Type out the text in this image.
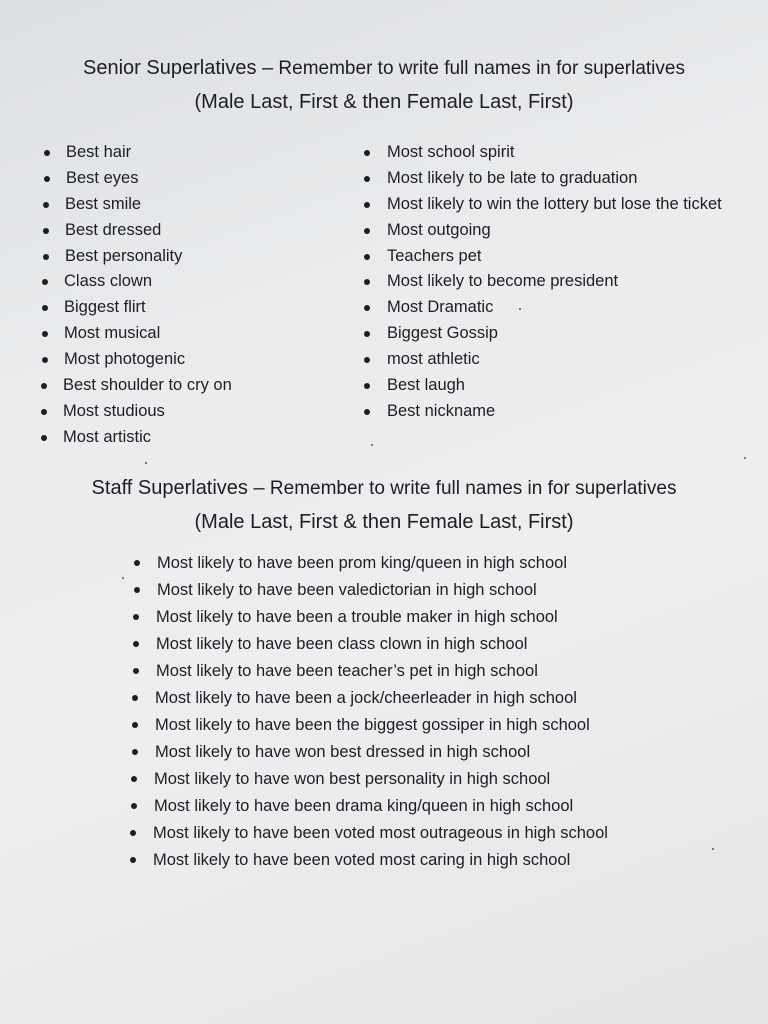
Senior Superlatives – Remember to write full names in for superlatives
(Male Last, First & then Female Last, First)
Best hair
Best eyes
Best smile
Best dressed
Best personality
Class clown
Biggest flirt
Most musical
Most photogenic
Best shoulder to cry on
Most studious
Most artistic
Most school spirit
Most likely to be late to graduation
Most likely to win the lottery but lose the ticket
Most outgoing
Teachers pet
Most likely to become president
Most Dramatic
Biggest Gossip
most athletic
Best laugh
Best nickname
Staff Superlatives – Remember to write full names in for superlatives
(Male Last, First & then Female Last, First)
Most likely to have been prom king/queen in high school
Most likely to have been valedictorian in high school
Most likely to have been a trouble maker in high school
Most likely to have been class clown in high school
Most likely to have been teacher’s pet in high school
Most likely to have been a jock/cheerleader in high school
Most likely to have been the biggest gossiper in high school
Most likely to have won best dressed in high school
Most likely to have won best personality in high school
Most likely to have been drama king/queen in high school
Most likely to have been voted most outrageous in high school
Most likely to have been voted most caring in high school
